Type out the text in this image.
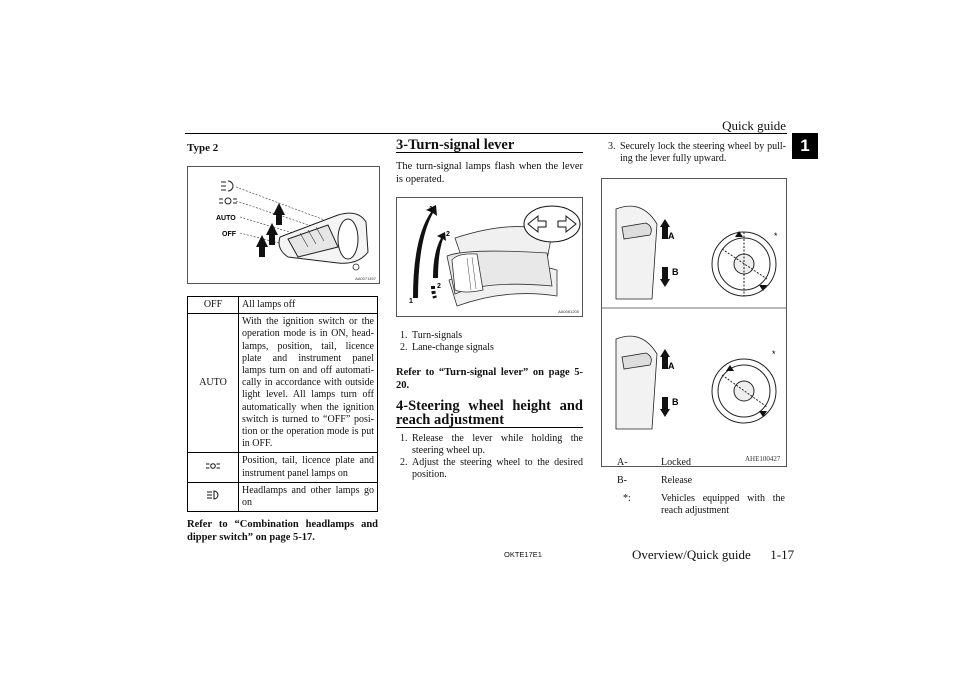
Quick guide
1
Type 2
AUTO
OFF
AA0071497
OFF	All lamps off
AUTO	With the ignition switch or the operation mode is in ON, head-lamps, position, tail, licence plate and instrument panel lamps turn on and off automati-cally in accordance with outside light level. All lamps turn off automatically when the ignition switch is turned to “OFF” posi-tion or the operation mode is put in OFF.
	Position, tail, licence plate and instrument panel lamps on
	Headlamps and other lamps go on
Refer to “Combination headlamps and dipper switch” on page 5-17.
3-Turn-signal lever
The turn-signal lamps flash when the lever is operated.
1
2
2
1
AA0061205
1. Turn-signals
2. Lane-change signals
Refer to “Turn-signal lever” on page 5-20.
4-Steering wheel height and reach adjustment
1. Release the lever while holding the steering wheel up.
2. Adjust the steering wheel to the desired position.
3. Securely lock the steering wheel by pull-ing the lever fully upward.
A
B
*
A
B
*
AHE100427
A-	Locked
B-	Release
*:	Vehicles equipped with the reach adjustment
OKTE17E1	Overview/Quick guide 1-17
